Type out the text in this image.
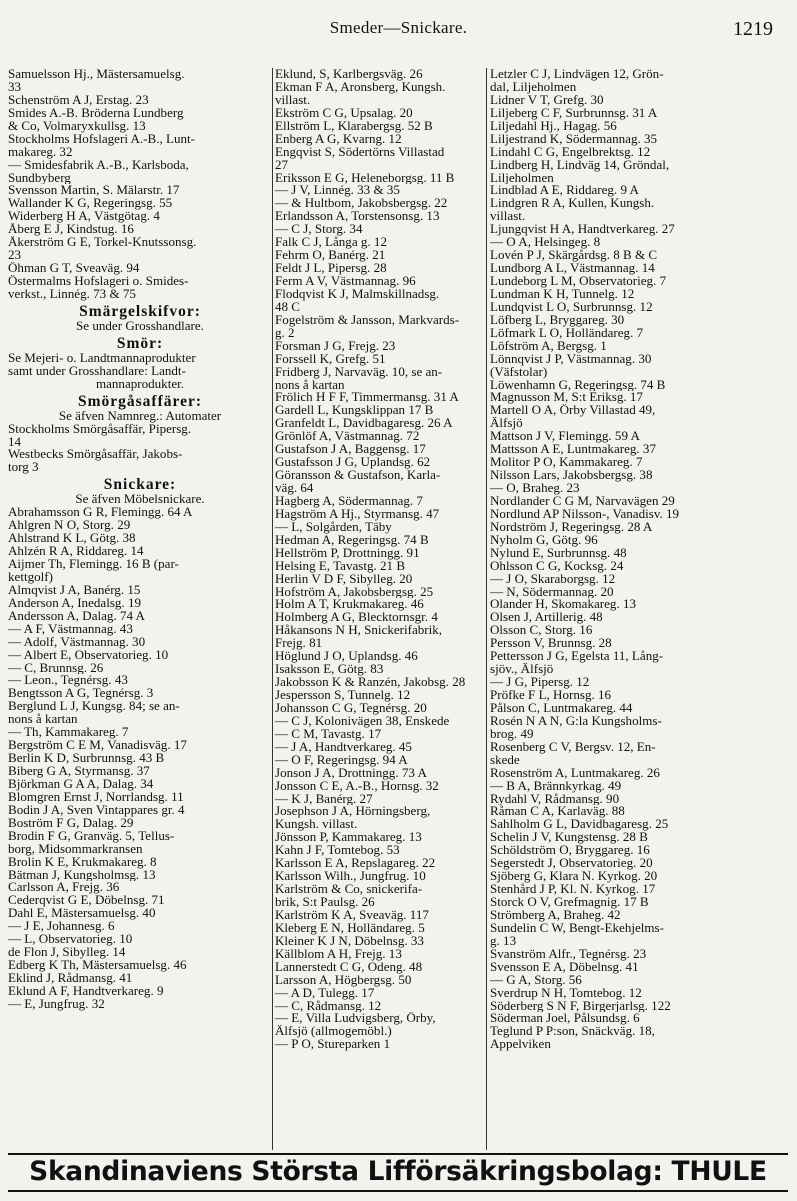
Smeder—Snickare.	1219
Samuelsson Hj., Mästersamuelsg.
33
Schenström A J, Erstag. 23
Smides A.-B. Bröderna Lundberg
& Co, Volmaryxkullsg. 13
Stockholms Hofslageri A.-B., Lunt-
makareg. 32
— Smidesfabrik A.-B., Karlsboda,
Sundbyberg
Svensson Martin, S. Mälarstr. 17
Wallander K G, Regeringsg. 55
Widerberg H A, Västgötag. 4
Åberg E J, Kindstug. 16
Åkerström G E, Torkel-Knutssonsg.
23
Öhman G T, Sveaväg. 94
Östermalms Hofslageri o. Smides-
verkst., Linnég. 73 & 75
Smärgelskifvor:
Se under Grosshandlare.
Smör:
Se Mejeri- o. Landtmannaprodukter
samt under Grosshandlare: Landt-
mannaprodukter.
Smörgåsaffärer:
Se äfven Namnreg.: Automater
Stockholms Smörgåsaffär, Pipersg.
14
Westbecks Smörgåsaffär, Jakobs-
torg 3
Snickare:
Se äfven Möbelsnickare.
Abrahamsson G R, Flemingg. 64 A
Ahlgren N O, Storg. 29
Ahlstrand K L, Götg. 38
Ahlzén R A, Riddareg. 14
Aijmer Th, Flemingg. 16 B (par-
kettgolf)
Almqvist J A, Banérg. 15
Anderson A, Inedalsg. 19
Andersson A, Dalag. 74 A
— A F, Västmannag. 43
— Adolf, Västmannag. 30
— Albert E, Observatorieg. 10
— C, Brunnsg. 26
— Leon., Tegnérsg. 43
Bengtsson A G, Tegnérsg. 3
Berglund L J, Kungsg. 84; se an-
nons å kartan
— Th, Kammakareg. 7
Bergström C E M, Vanadisväg. 17
Berlin K D, Surbrunnsg. 43 B
Biberg G A, Styrmansg. 37
Björkman G A A, Dalag. 34
Blomgren Ernst J, Norrlandsg. 11
Bodin J A, Sven Vintappares gr. 4
Boström F G, Dalag. 29
Brodin F G, Granväg. 5, Tellus-
borg, Midsommarkransen
Brolin K E, Krukmakareg. 8
Bätman J, Kungsholmsg. 13
Carlsson A, Frejg. 36
Cederqvist G E, Döbelnsg. 71
Dahl E, Mästersamuelsg. 40
— J E, Johannesg. 6
— L, Observatorieg. 10
de Flon J, Sibylleg. 14
Edberg K Th, Mästersamuelsg. 46
Eklind J, Rådmansg. 41
Eklund A F, Handtverkareg. 9
— E, Jungfrug. 32
Eklund, S, Karlbergsväg. 26
Ekman F A, Aronsberg, Kungsh.
villast.
Ekström C G, Upsalag. 20
Ellström L, Klarabergsg. 52 B
Enberg A G, Kvarng. 12
Engqvist S, Södertörns Villastad
27
Eriksson E G, Heleneborgsg. 11 B
— J V, Linnég. 33 & 35
— & Hultbom, Jakobsbergsg. 22
Erlandsson A, Torstensonsg. 13
— C J, Storg. 34
Falk C J, Långa g. 12
Fehrm O, Banérg. 21
Feldt J L, Pipersg. 28
Ferm A V, Västmannag. 96
Flodqvist K J, Malmskillnadsg.
48 C
Fogelström & Jansson, Markvards-
g. 2
Forsman J G, Frejg. 23
Forssell K, Grefg. 51
Fridberg J, Narvaväg. 10, se an-
nons å kartan
Frölich H F F, Timmermansg. 31 A
Gardell L, Kungsklippan 17 B
Granfeldt L, Davidbagaresg. 26 A
Grönlöf A, Västmannag. 72
Gustafson J A, Baggensg. 17
Gustafsson J G, Uplandsg. 62
Göransson & Gustafson, Karla-
väg. 64
Hagberg A, Södermannag. 7
Hagström A Hj., Styrmansg. 47
— L, Solgården, Täby
Hedman A, Regeringsg. 74 B
Hellström P, Drottningg. 91
Helsing E, Tavastg. 21 B
Herlin V D F, Sibylleg. 20
Hofström A, Jakobsbergsg. 25
Holm A T, Krukmakareg. 46
Holmberg A G, Blecktornsgr. 4
Håkansons N H, Snickerifabrik,
Frejg. 81
Höglund J O, Uplandsg. 46
Isaksson E, Götg. 83
Jakobsson K & Ranzén, Jakobsg. 28
Jespersson S, Tunnelg. 12
Johansson C G, Tegnérsg. 20
— C J, Kolonivägen 38, Enskede
— C M, Tavastg. 17
— J A, Handtverkareg. 45
— O F, Regeringsg. 94 A
Jonson J A, Drottningg. 73 A
Jonsson C E, A.-B., Hornsg. 32
— K J, Banérg. 27
Josephson J A, Hörningsberg,
Kungsh. villast.
Jönsson P, Kammakareg. 13
Kahn J F, Tomtebog. 53
Karlsson E A, Repslagareg. 22
Karlsson Wilh., Jungfrug. 10
Karlström & Co, snickerifa-
brik, S:t Paulsg. 26
Karlström K A, Sveaväg. 117
Kleberg E N, Holländareg. 5
Kleiner K J N, Döbelnsg. 33
Källblom A H, Frejg. 13
Lannerstedt C G, Odeng. 48
Larsson A, Högbergsg. 50
— A D, Tulegg. 17
— C, Rådmansg. 12
— E, Villa Ludvigsberg, Örby,
Älfsjö (allmogemöbl.)
— P O, Stureparken 1
Letzler C J, Lindvägen 12, Grön-
dal, Liljeholmen
Lidner V T, Grefg. 30
Liljeberg C F, Surbrunnsg. 31 A
Liljedahl Hj., Hagag. 56
Liljestrand K, Södermannag. 35
Lindahl C G, Engelbrektsg. 12
Lindberg H, Lindväg 14, Gröndal,
Liljeholmen
Lindblad A E, Riddareg. 9 A
Lindgren R A, Kullen, Kungsh.
villast.
Ljungqvist H A, Handtverkareg. 27
— O A, Helsingeg. 8
Lovén P J, Skärgårdsg. 8 B & C
Lundborg A L, Västmannag. 14
Lundeborg L M, Observatorieg. 7
Lundman K H, Tunnelg. 12
Lundqvist L O, Surbrunnsg. 12
Löfberg L, Bryggareg. 30
Löfmark L O, Holländareg. 7
Löfström A, Bergsg. 1
Lönnqvist J P, Västmannag. 30
(Väfstolar)
Löwenhamn G, Regeringsg. 74 B
Magnusson M, S:t Eriksg. 17
Martell O A, Örby Villastad 49,
Älfsjö
Mattson J V, Flemingg. 59 A
Mattsson A E, Luntmakareg. 37
Molitor P O, Kammakareg. 7
Nilsson Lars, Jakobsbergsg. 38
— O, Braheg. 23
Nordlander C G M, Narvavägen 29
Nordlund AP Nilsson-, Vanadisv. 19
Nordström J, Regeringsg. 28 A
Nyholm G, Götg. 96
Nylund E, Surbrunnsg. 48
Ohlsson C G, Kocksg. 24
— J O, Skaraborgsg. 12
— N, Södermannag. 20
Olander H, Skomakareg. 13
Olsen J, Artillerig. 48
Olsson C, Storg. 16
Persson V, Brunnsg. 28
Pettersson J G, Egelsta 11, Lång-
sjöv., Älfsjö
— J G, Pipersg. 12
Pröfke F L, Hornsg. 16
Pålson C, Luntmakareg. 44
Rosén N A N, G:la Kungsholms-
brog. 49
Rosenberg C V, Bergsv. 12, En-
skede
Rosenström A, Luntmakareg. 26
— B A, Brännkyrkag. 49
Rydahl V, Rådmansg. 90
Råman C A, Karlaväg. 88
Sahlholm G L, Davidbagaresg. 25
Schelin J V, Kungstensg. 28 B
Schöldström O, Bryggareg. 16
Segerstedt J, Observatorieg. 20
Sjöberg G, Klara N. Kyrkog. 20
Stenhård J P, Kl. N. Kyrkog. 17
Storck O V, Grefmagnig. 17 B
Strömberg A, Braheg. 42
Sundelin C W, Bengt-Ekehjelms-
g. 13
Svanström Alfr., Tegnérsg. 23
Svensson E A, Döbelnsg. 41
— G A, Storg. 56
Sverdrup N H, Tomtebog. 12
Söderberg S N F, Birgerjarlsg. 122
Söderman Joel, Pålsundsg. 6
Teglund P P:son, Snäckväg. 18,
Appelviken
Skandinaviens Största Lifförsäkringsbolag: THULE
